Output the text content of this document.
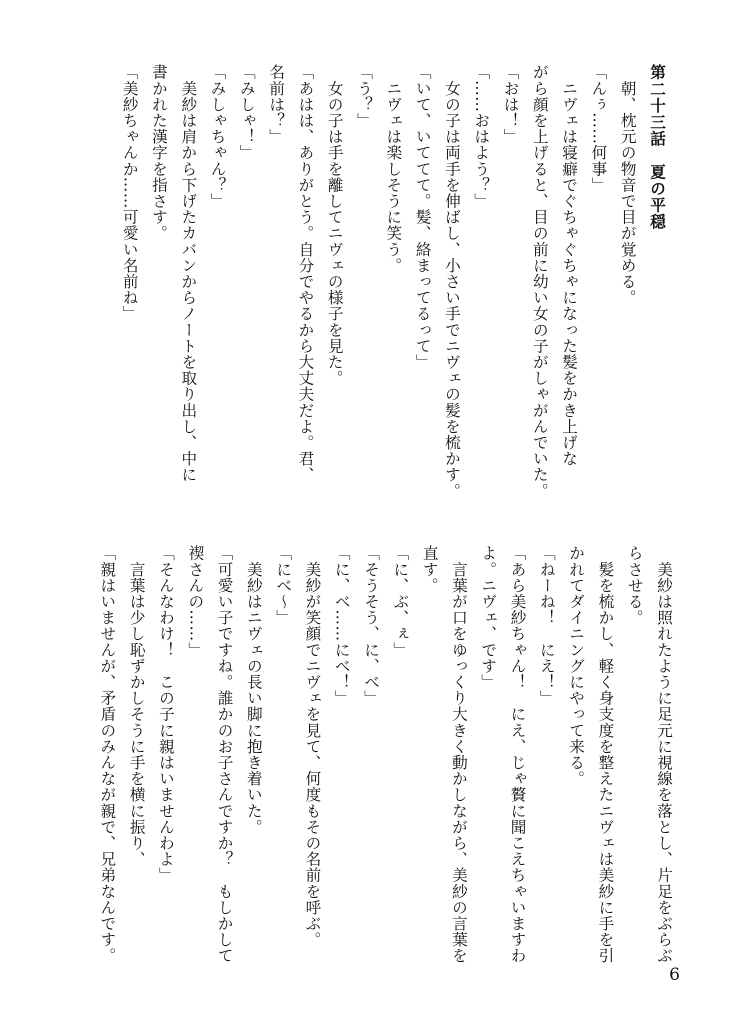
第二十三話　夏の平穏

　朝、枕元の物音で目が覚める。

「んぅ……何事」

　ニヴェは寝癖でぐちゃぐちゃになった髪をかき上げな

がら顔を上げると、目の前に幼い女の子がしゃがんでいた。

「おは！」

「……おはよう？」

　女の子は両手を伸ばし、小さい手でニヴェの髪を梳かす。

「いて、いててて。髪、絡まってるって」

　ニヴェは楽しそうに笑う。

「う？」

　女の子は手を離してニヴェの様子を見た。

「あはは、ありがとう。自分でやるから大丈夫だよ。君、

名前は？」

「みしゃ！」

「みしゃちゃん？」

　美紗は肩から下げたカバンからノートを取り出し、中に

書かれた漢字を指さす。

「美紗ちゃんか……可愛い名前ね」

　美紗は照れたように足元に視線を落とし、片足をぶらぶ

らさせる。

　髪を梳かし、軽く身支度を整えたニヴェは美紗に手を引

かれてダイニングにやって来る。

「ねーね！　にえ！」

「あら美紗ちゃん！　にえ、じゃ贅に聞こえちゃいますわ

よ。ニヴェ、です」

　言葉が口をゆっくり大きく動かしながら、美紗の言葉を

直す。

「に、ぶ、ぇ」

「そうそう、に、べ」

「に、べ……にべ！」

　美紗が笑顔でニヴェを見て、何度もその名前を呼ぶ。

「にべ～」

　美紗はニヴェの長い脚に抱き着いた。

「可愛い子ですね。誰かのお子さんですか？　もしかして

禊さんの……」

「そんなわけ！　この子に親はいませんわよ」

　言葉は少し恥ずかしそうに手を横に振り、

「親はいませんが、矛盾のみんなが親で、兄弟なんです。

6
